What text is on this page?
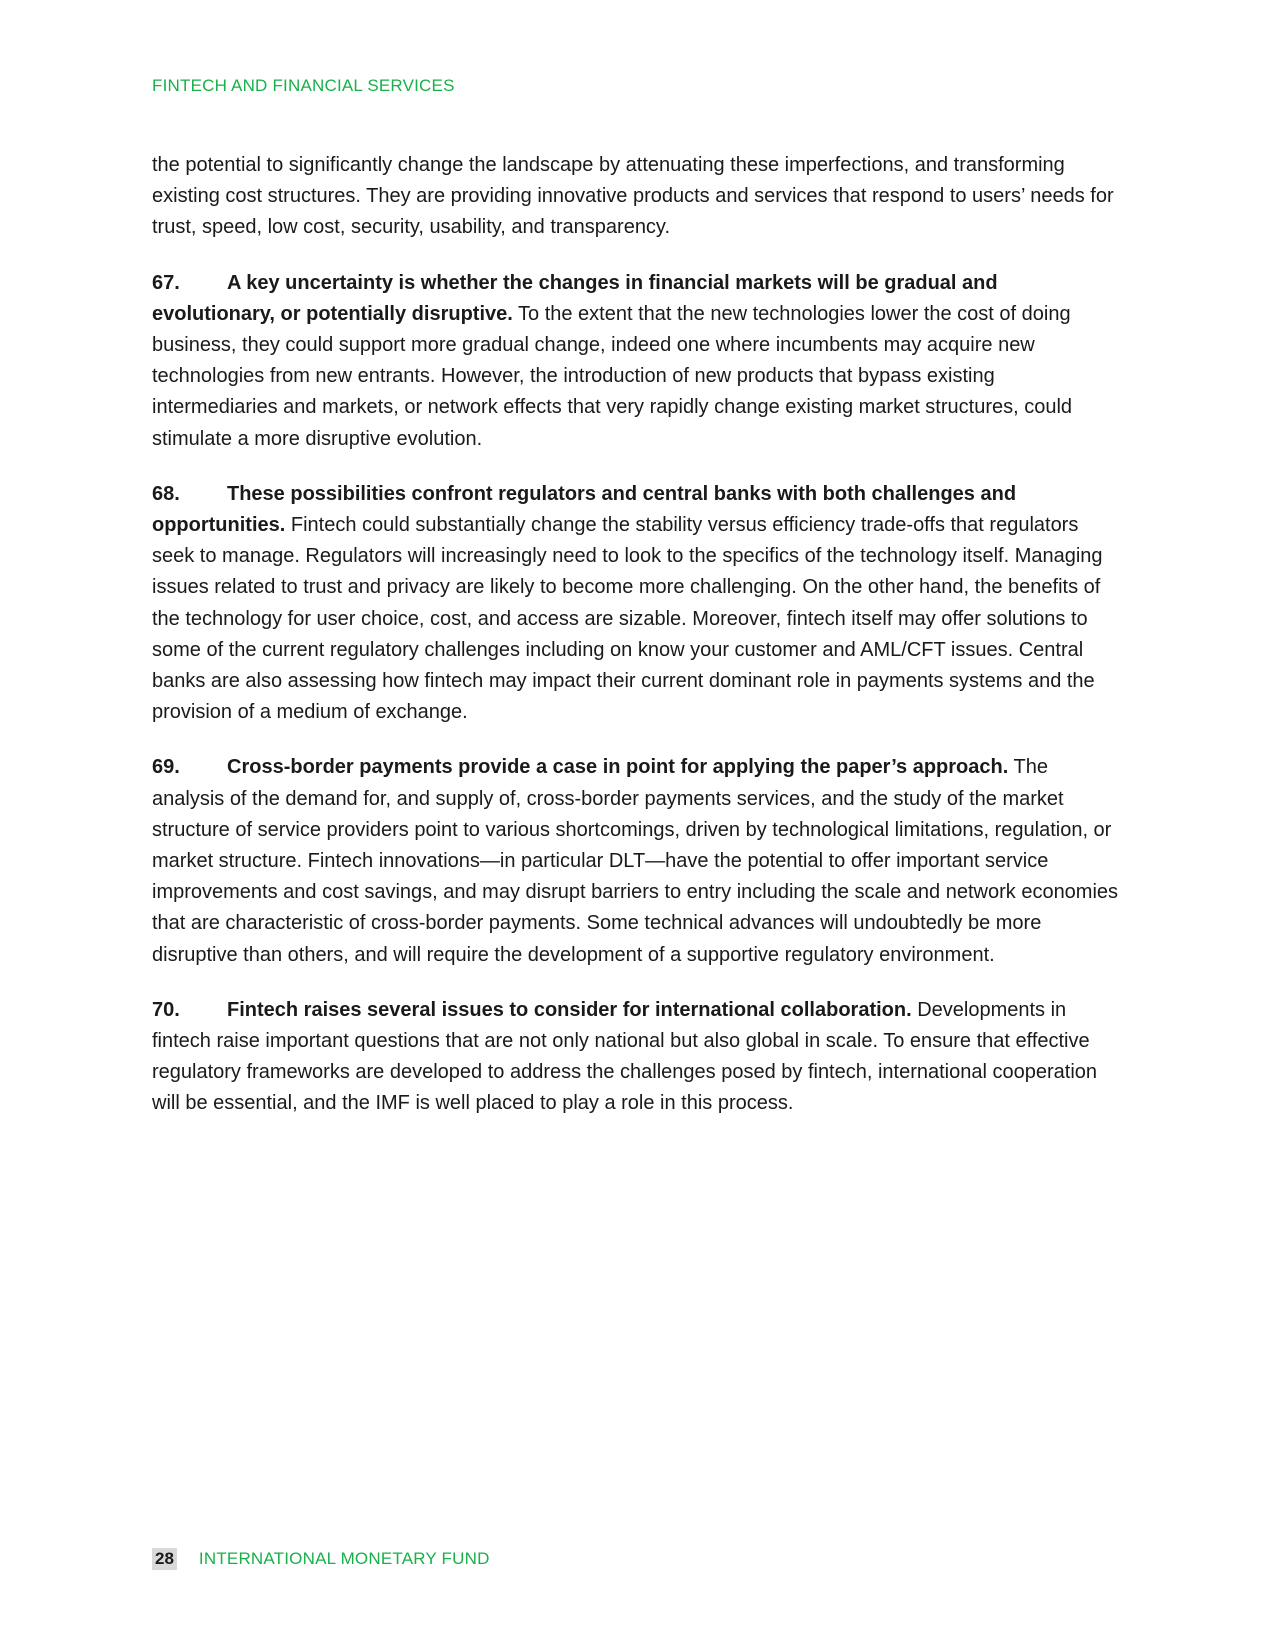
FINTECH AND FINANCIAL SERVICES

the potential to significantly change the landscape by attenuating these imperfections, and transforming existing cost structures. They are providing innovative products and services that respond to users’ needs for trust, speed, low cost, security, usability, and transparency.

67. A key uncertainty is whether the changes in financial markets will be gradual and evolutionary, or potentially disruptive. To the extent that the new technologies lower the cost of doing business, they could support more gradual change, indeed one where incumbents may acquire new technologies from new entrants. However, the introduction of new products that bypass existing intermediaries and markets, or network effects that very rapidly change existing market structures, could stimulate a more disruptive evolution.

68. These possibilities confront regulators and central banks with both challenges and opportunities. Fintech could substantially change the stability versus efficiency trade-offs that regulators seek to manage. Regulators will increasingly need to look to the specifics of the technology itself. Managing issues related to trust and privacy are likely to become more challenging. On the other hand, the benefits of the technology for user choice, cost, and access are sizable. Moreover, fintech itself may offer solutions to some of the current regulatory challenges including on know your customer and AML/CFT issues. Central banks are also assessing how fintech may impact their current dominant role in payments systems and the provision of a medium of exchange.

69. Cross-border payments provide a case in point for applying the paper’s approach. The analysis of the demand for, and supply of, cross-border payments services, and the study of the market structure of service providers point to various shortcomings, driven by technological limitations, regulation, or market structure. Fintech innovations—in particular DLT—have the potential to offer important service improvements and cost savings, and may disrupt barriers to entry including the scale and network economies that are characteristic of cross-border payments. Some technical advances will undoubtedly be more disruptive than others, and will require the development of a supportive regulatory environment.

70. Fintech raises several issues to consider for international collaboration. Developments in fintech raise important questions that are not only national but also global in scale. To ensure that effective regulatory frameworks are developed to address the challenges posed by fintech, international cooperation will be essential, and the IMF is well placed to play a role in this process.

28 INTERNATIONAL MONETARY FUND
